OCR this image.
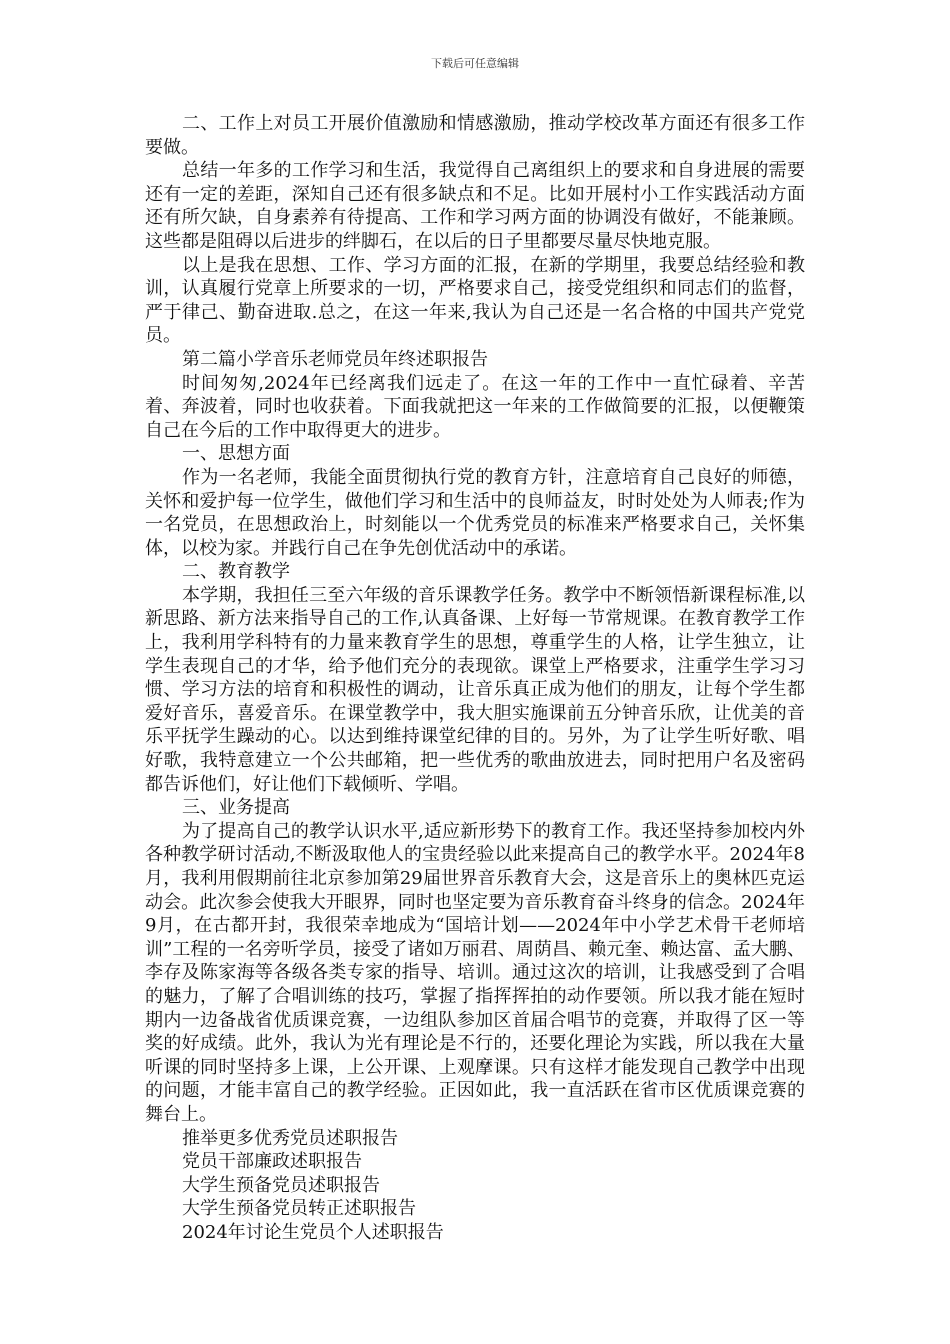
下载后可任意编辑

二、工作上对员工开展价值激励和情感激励，推动学校改革方面还有很多工作要做。

总结一年多的工作学习和生活，我觉得自己离组织上的要求和自身进展的需要还有一定的差距，深知自己还有很多缺点和不足。比如开展村小工作实践活动方面还有所欠缺，自身素养有待提高、工作和学习两方面的协调没有做好，不能兼顾。这些都是阻碍以后进步的绊脚石，在以后的日子里都要尽量尽快地克服。

以上是我在思想、工作、学习方面的汇报，在新的学期里，我要总结经验和教训，认真履行党章上所要求的一切，严格要求自己，接受党组织和同志们的监督，严于律己、勤奋进取.总之，在这一年来,我认为自己还是一名合格的中国共产党党员。

第二篇小学音乐老师党员年终述职报告

时间匆匆,2024年已经离我们远走了。在这一年的工作中一直忙碌着、辛苦着、奔波着，同时也收获着。下面我就把这一年来的工作做简要的汇报，以便鞭策自己在今后的工作中取得更大的进步。

一、思想方面

作为一名老师，我能全面贯彻执行党的教育方针，注意培育自己良好的师德，关怀和爱护每一位学生，做他们学习和生活中的良师益友，时时处处为人师表;作为一名党员，在思想政治上，时刻能以一个优秀党员的标准来严格要求自己，关怀集体，以校为家。并践行自己在争先创优活动中的承诺。

二、教育教学

本学期，我担任三至六年级的音乐课教学任务。教学中不断领悟新课程标准,以新思路、新方法来指导自己的工作,认真备课、上好每一节常规课。在教育教学工作上，我利用学科特有的力量来教育学生的思想，尊重学生的人格，让学生独立，让学生表现自己的才华，给予他们充分的表现欲。课堂上严格要求，注重学生学习习惯、学习方法的培育和积极性的调动，让音乐真正成为他们的朋友，让每个学生都爱好音乐，喜爱音乐。在课堂教学中，我大胆实施课前五分钟音乐欣，让优美的音乐平抚学生躁动的心。以达到维持课堂纪律的目的。另外，为了让学生听好歌、唱好歌，我特意建立一个公共邮箱，把一些优秀的歌曲放进去，同时把用户名及密码都告诉他们，好让他们下载倾听、学唱。

三、业务提高

为了提高自己的教学认识水平,适应新形势下的教育工作。我还坚持参加校内外各种教学研讨活动,不断汲取他人的宝贵经验以此来提高自己的教学水平。2024年8月，我利用假期前往北京参加第29届世界音乐教育大会，这是音乐上的奥林匹克运动会。此次参会使我大开眼界，同时也坚定要为音乐教育奋斗终身的信念。2024年9月，在古都开封，我很荣幸地成为“国培计划——2024年中小学艺术骨干老师培训”工程的一名旁听学员，接受了诸如万丽君、周荫昌、赖元奎、赖达富、孟大鹏、李存及陈家海等各级各类专家的指导、培训。通过这次的培训，让我感受到了合唱的魅力，了解了合唱训练的技巧，掌握了指挥挥拍的动作要领。所以我才能在短时期内一边备战省优质课竞赛，一边组队参加区首届合唱节的竞赛，并取得了区一等奖的好成绩。此外，我认为光有理论是不行的，还要化理论为实践，所以我在大量听课的同时坚持多上课，上公开课、上观摩课。只有这样才能发现自己教学中出现的问题，才能丰富自己的教学经验。正因如此，我一直活跃在省市区优质课竞赛的舞台上。

推举更多优秀党员述职报告

党员干部廉政述职报告

大学生预备党员述职报告

大学生预备党员转正述职报告

2024年讨论生党员个人述职报告
